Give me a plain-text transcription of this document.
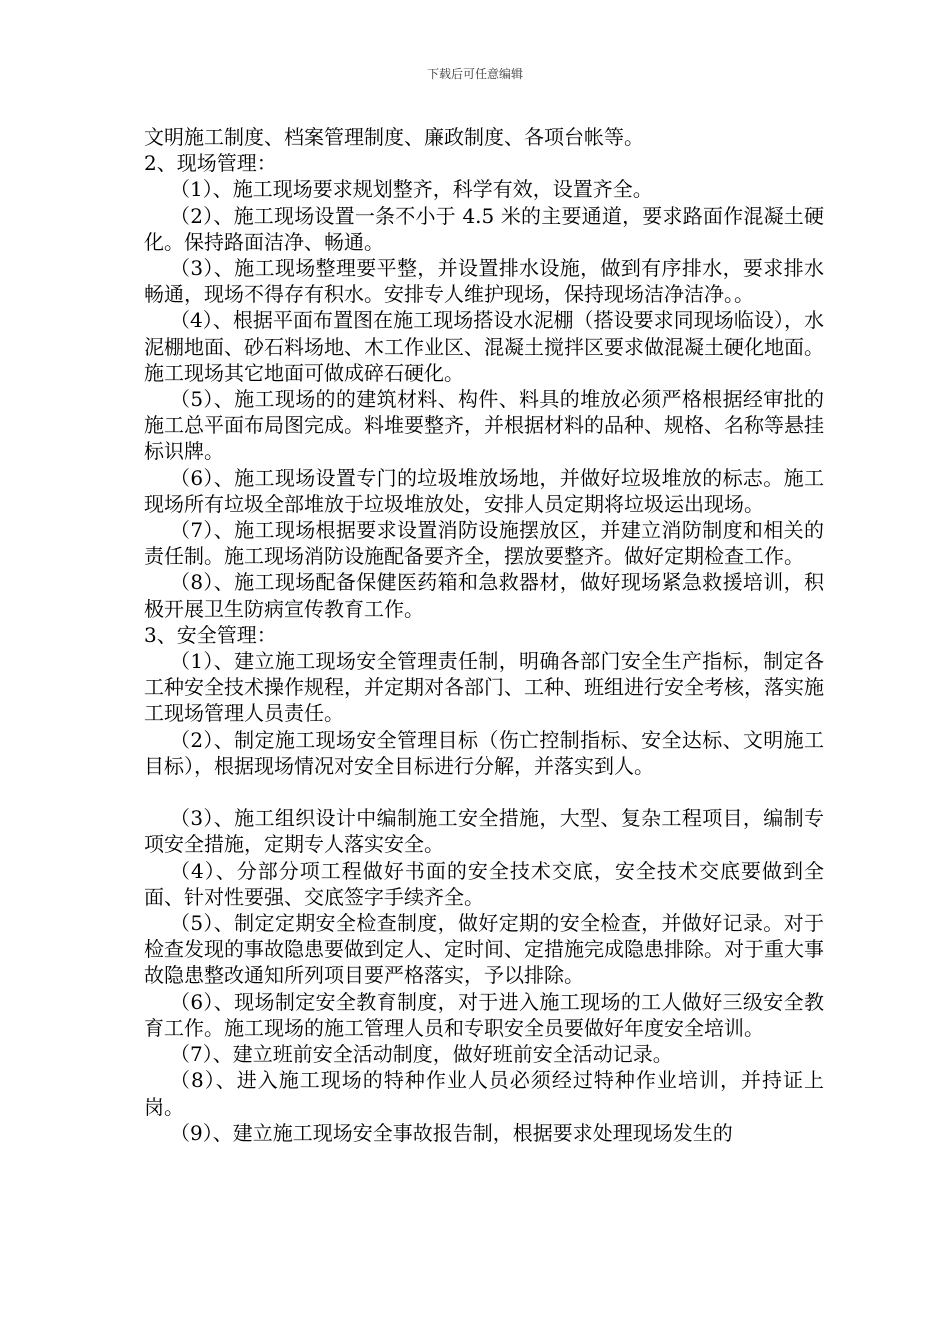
下载后可任意编辑

文明施工制度、档案管理制度、廉政制度、各项台帐等。

2、现场管理：

（1）、施工现场要求规划整齐，科学有效，设置齐全。

（2）、施工现场设置一条不小于 4.5 米的主要通道，要求路面作混凝土硬化。保持路面洁净、畅通。

（3）、施工现场整理要平整，并设置排水设施，做到有序排水，要求排水畅通，现场不得存有积水。安排专人维护现场，保持现场洁净洁净。。

（4）、根据平面布置图在施工现场搭设水泥棚（搭设要求同现场临设），水泥棚地面、砂石料场地、木工作业区、混凝土搅拌区要求做混凝土硬化地面。施工现场其它地面可做成碎石硬化。

（5）、施工现场的的建筑材料、构件、料具的堆放必须严格根据经审批的施工总平面布局图完成。料堆要整齐，并根据材料的品种、规格、名称等悬挂标识牌。

（6）、施工现场设置专门的垃圾堆放场地，并做好垃圾堆放的标志。施工现场所有垃圾全部堆放于垃圾堆放处，安排人员定期将垃圾运出现场。

（7）、施工现场根据要求设置消防设施摆放区，并建立消防制度和相关的责任制。施工现场消防设施配备要齐全，摆放要整齐。做好定期检查工作。

（8）、施工现场配备保健医药箱和急救器材，做好现场紧急救援培训，积极开展卫生防病宣传教育工作。

3、安全管理：

（1）、建立施工现场安全管理责任制，明确各部门安全生产指标，制定各工种安全技术操作规程，并定期对各部门、工种、班组进行安全考核，落实施工现场管理人员责任。

（2）、制定施工现场安全管理目标（伤亡控制指标、安全达标、文明施工目标），根据现场情况对安全目标进行分解，并落实到人。

（3）、施工组织设计中编制施工安全措施，大型、复杂工程项目，编制专项安全措施，定期专人落实安全。

（4）、分部分项工程做好书面的安全技术交底，安全技术交底要做到全面、针对性要强、交底签字手续齐全。

（5）、制定定期安全检查制度，做好定期的安全检查，并做好记录。对于检查发现的事故隐患要做到定人、定时间、定措施完成隐患排除。对于重大事故隐患整改通知所列项目要严格落实，予以排除。

（6）、现场制定安全教育制度，对于进入施工现场的工人做好三级安全教育工作。施工现场的施工管理人员和专职安全员要做好年度安全培训。

（7）、建立班前安全活动制度，做好班前安全活动记录。

（8）、进入施工现场的特种作业人员必须经过特种作业培训，并持证上岗。

（9）、建立施工现场安全事故报告制，根据要求处理现场发生的
